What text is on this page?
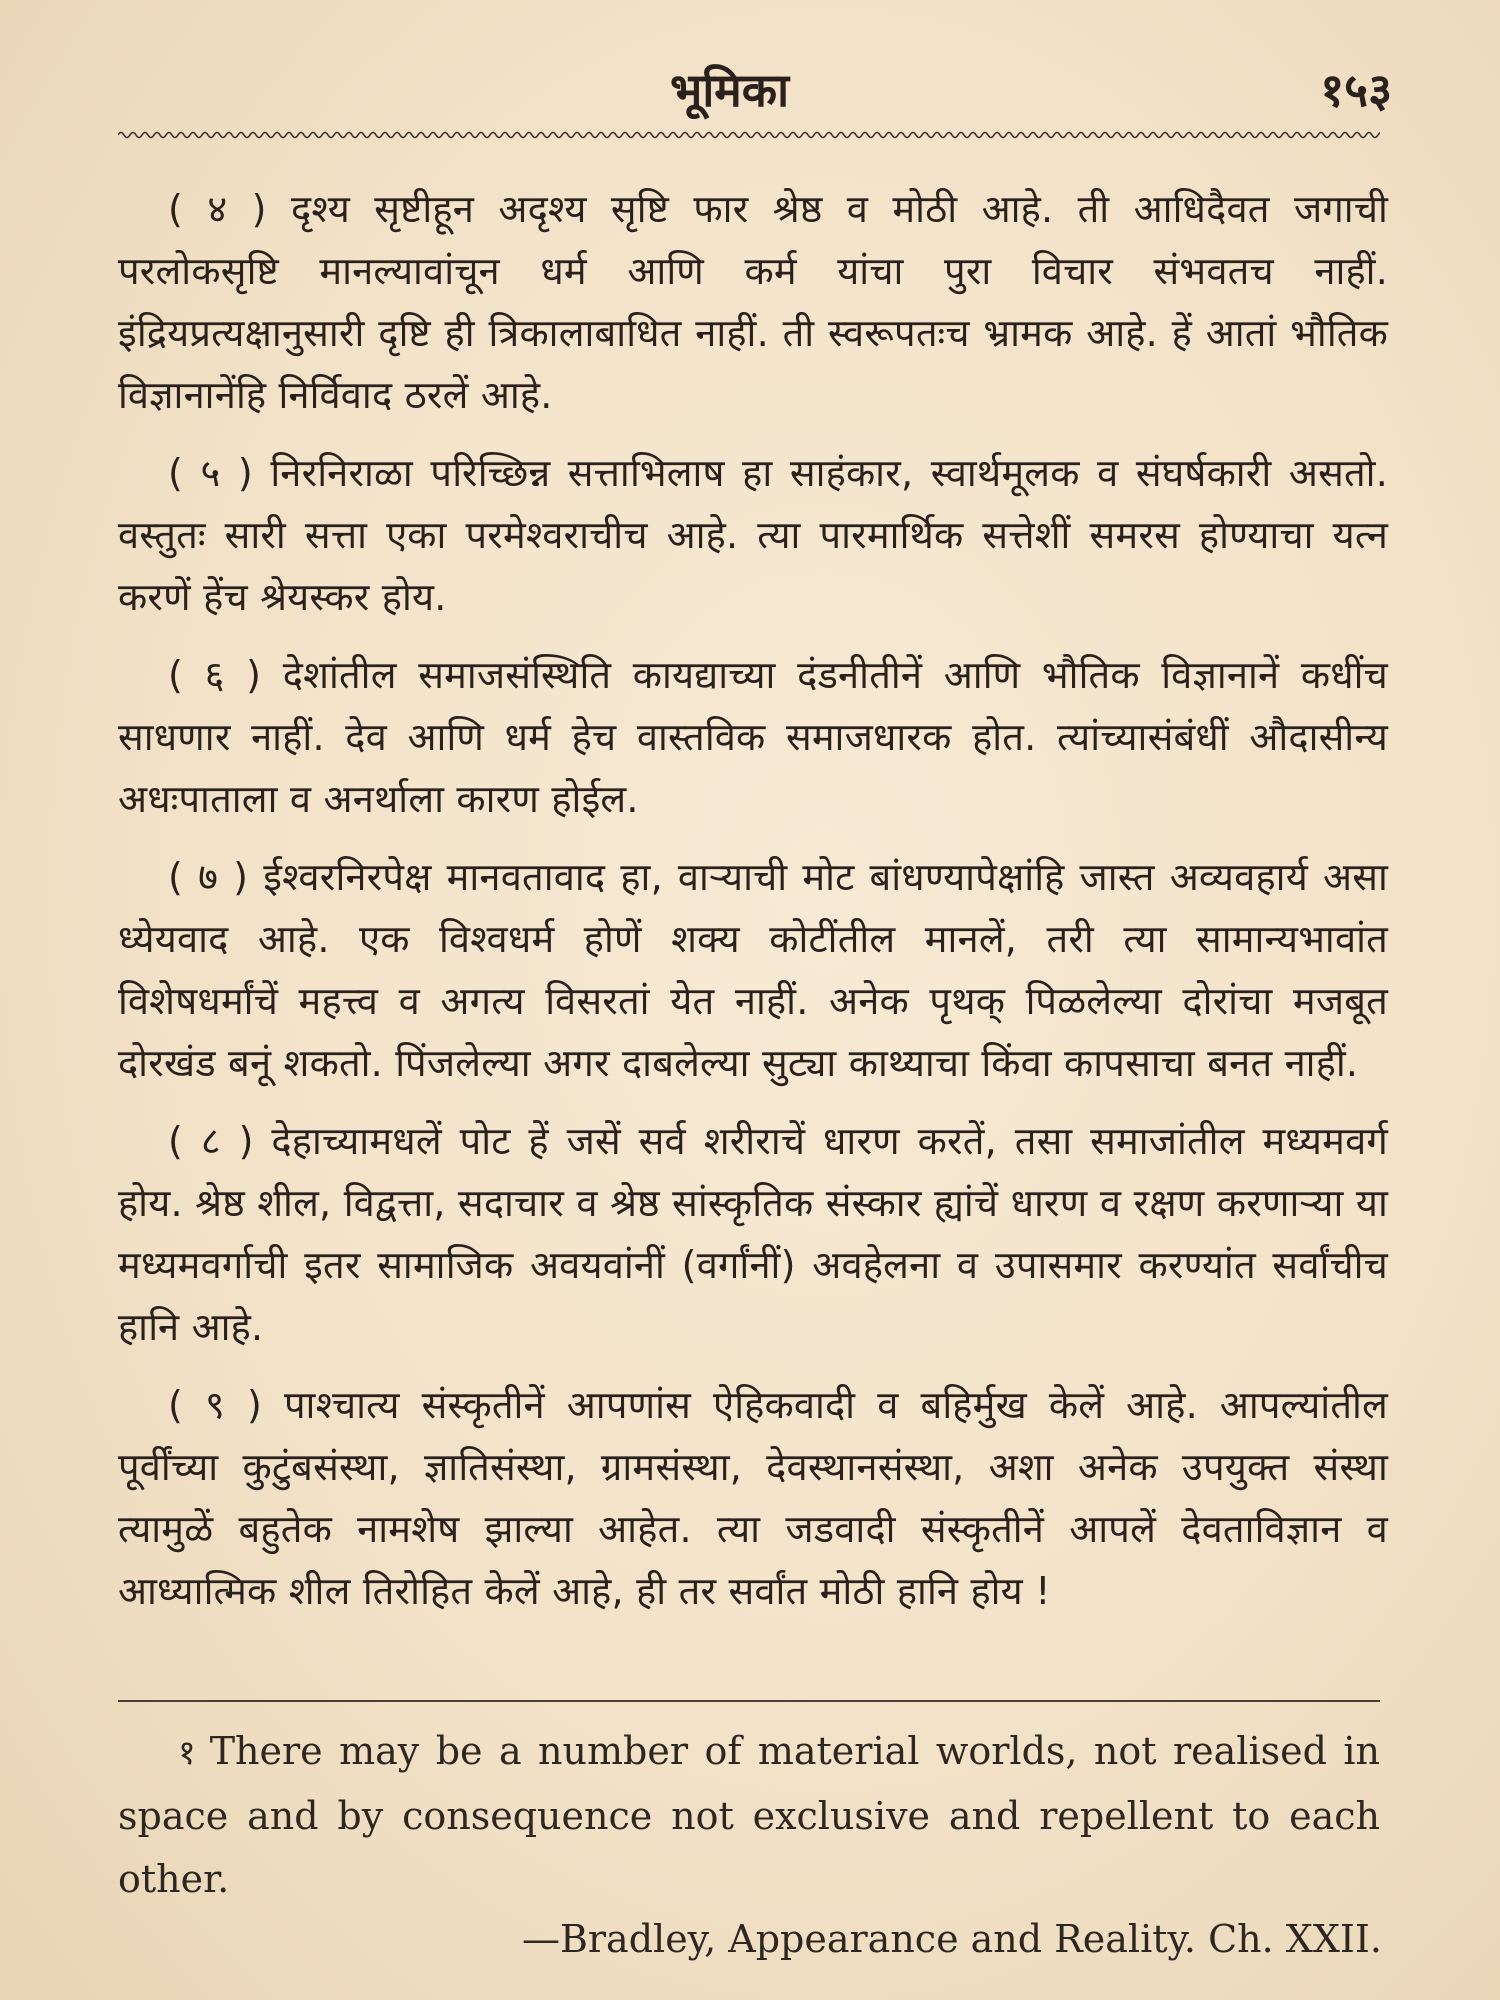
भूमिका	१५३

( ४ ) दृश्य सृष्टीहून अदृश्य सृष्टि फार श्रेष्ठ व मोठी आहे. ती आधिदैवत जगाची परलोकसृष्टि मानल्यावांचून धर्म आणि कर्म यांचा पुरा विचार संभवतच नाहीं. इंद्रियप्रत्यक्षानुसारी दृष्टि ही त्रिकालाबाधित नाहीं. ती स्वरूपतःच भ्रामक आहे. हें आतां भौतिक विज्ञानानेंहि निर्विवाद ठरलें आहे.

( ५ ) निरनिराळा परिच्छिन्न सत्ताभिलाष हा साहंकार, स्वार्थमूलक व संघर्षकारी असतो. वस्तुतः सारी सत्ता एका परमेश्वराचीच आहे. त्या पारमार्थिक सत्तेशीं समरस होण्याचा यत्न करणें हेंच श्रेयस्कर होय.

( ६ ) देशांतील समाजसंस्थिति कायद्याच्या दंडनीतीनें आणि भौतिक विज्ञानानें कधींच साधणार नाहीं. देव आणि धर्म हेच वास्तविक समाजधारक होत. त्यांच्यासंबंधीं औदासीन्य अधःपाताला व अनर्थाला कारण होईल.

( ७ ) ईश्वरनिरपेक्ष मानवतावाद हा, वाऱ्याची मोट बांधण्यापेक्षांहि जास्त अव्यवहार्य असा ध्येयवाद आहे. एक विश्वधर्म होणें शक्य कोटींतील मानलें, तरी त्या सामान्यभावांत विशेषधर्मांचें महत्त्व व अगत्य विसरतां येत नाहीं. अनेक पृथक् पिळलेल्या दोरांचा मजबूत दोरखंड बनूं शकतो. पिंजलेल्या अगर दाबलेल्या सुट्या काथ्याचा किंवा कापसाचा बनत नाहीं.

( ८ ) देहाच्यामधलें पोट हें जसें सर्व शरीराचें धारण करतें, तसा समाजांतील मध्यमवर्ग होय. श्रेष्ठ शील, विद्वत्ता, सदाचार व श्रेष्ठ सांस्कृतिक संस्कार ह्यांचें धारण व रक्षण करणाऱ्या या मध्यमवर्गाची इतर सामाजिक अवयवांनीं (वर्गांनीं) अवहेलना व उपासमार करण्यांत सर्वांचीच हानि आहे.

( ९ ) पाश्चात्य संस्कृतीनें आपणांस ऐहिकवादी व बहिर्मुख केलें आहे. आपल्यांतील पूर्वींच्या कुटुंबसंस्था, ज्ञातिसंस्था, ग्रामसंस्था, देवस्थानसंस्था, अशा अनेक उपयुक्त संस्था त्यामुळें बहुतेक नामशेष झाल्या आहेत. त्या जडवादी संस्कृतीनें आपलें देवताविज्ञान व आध्यात्मिक शील तिरोहित केलें आहे, ही तर सर्वांत मोठी हानि होय !

१ There may be a number of material worlds, not realised in space and by consequence not exclusive and repellent to each other.
—Bradley, Appearance and Reality. Ch. XXII.
